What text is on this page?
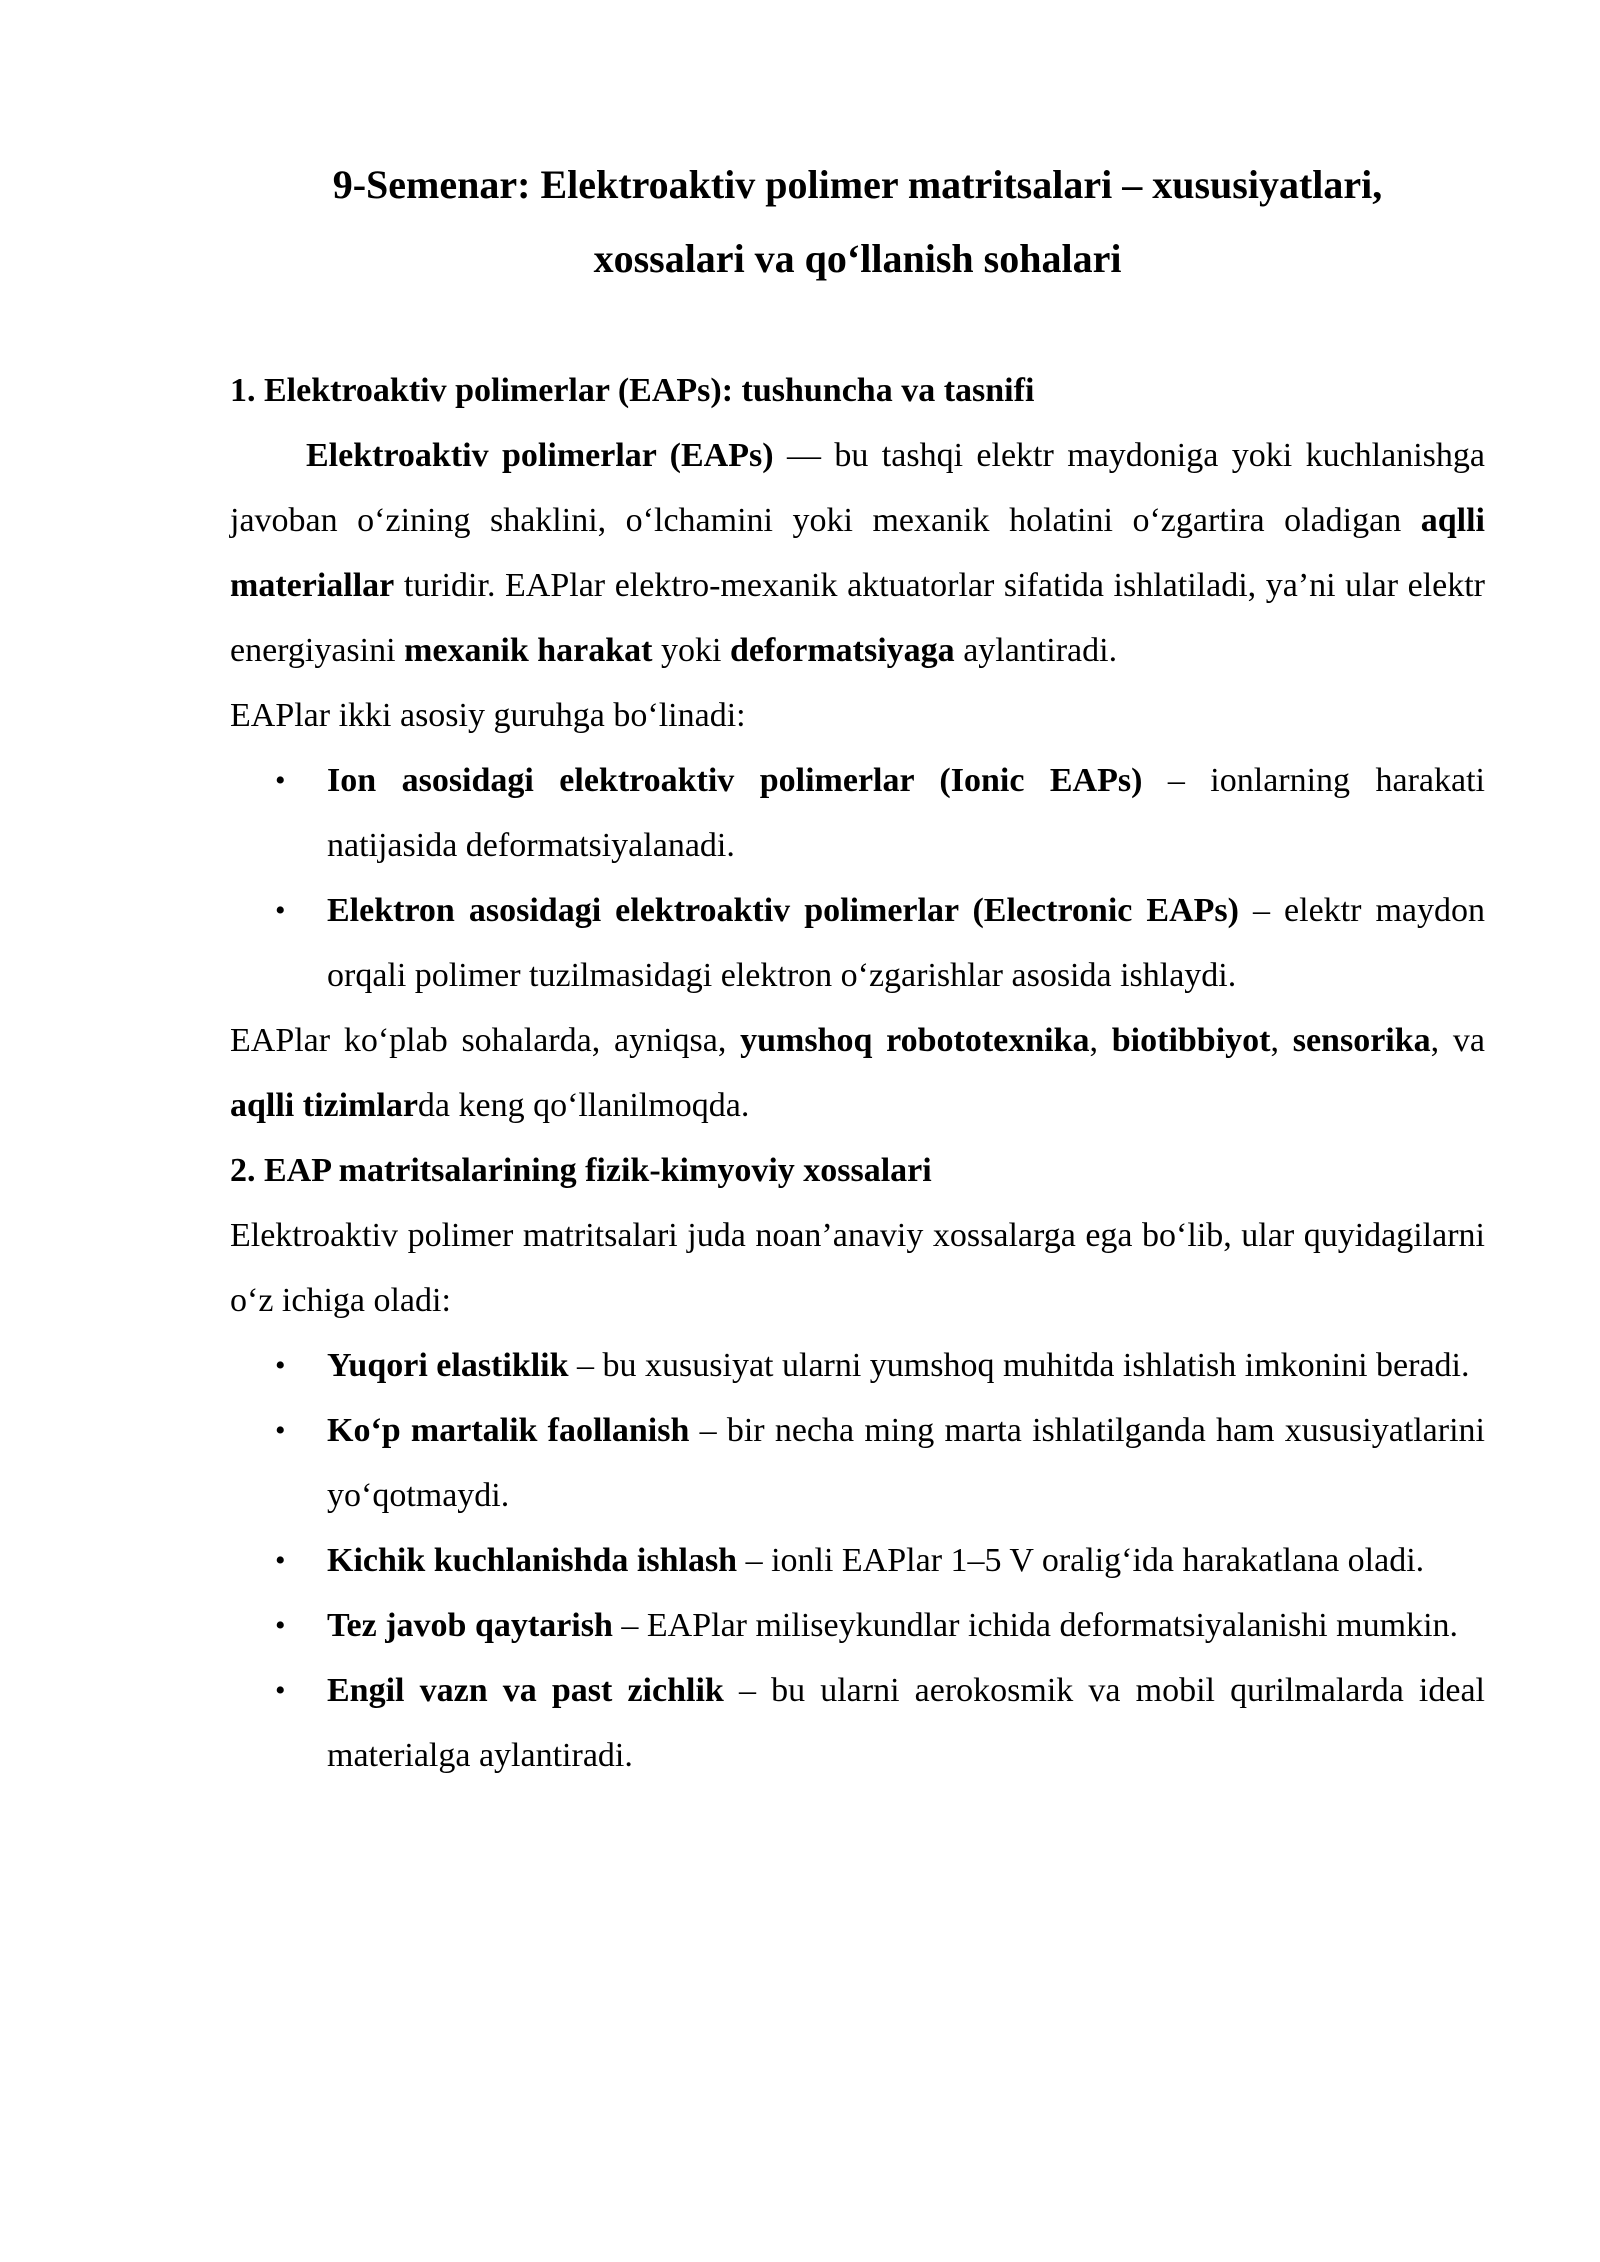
9-Semenar: Elektroaktiv polimer matritsalari – xususiyatlari, xossalari va qo‘llanish sohalari
1. Elektroaktiv polimerlar (EAPs): tushuncha va tasnifi

Elektroaktiv polimerlar (EAPs) — bu tashqi elektr maydoniga yoki kuchlanishga javoban o‘zining shaklini, o‘lchamini yoki mexanik holatini o‘zgartira oladigan aqlli materiallar turidir. EAPlar elektro-mexanik aktuatorlar sifatida ishlatiladi, ya’ni ular elektr energiyasini mexanik harakat yoki deformatsiyaga aylantiradi.

EAPlar ikki asosiy guruhga bo‘linadi:

• Ion asosidagi elektroaktiv polimerlar (Ionic EAPs) – ionlarning harakati natijasida deformatsiyalanadi.
• Elektron asosidagi elektroaktiv polimerlar (Electronic EAPs) – elektr maydon orqali polimer tuzilmasidagi elektron o‘zgarishlar asosida ishlaydi.

EAPlar ko‘plab sohalarda, ayniqsa, yumshoq robototexnika, biotibbiyot, sensorika, va aqlli tizimlarda keng qo‘llanilmoqda.

2. EAP matritsalarining fizik-kimyoviy xossalari

Elektroaktiv polimer matritsalari juda noan’anaviy xossalarga ega bo‘lib, ular quyidagilarni o‘z ichiga oladi:

• Yuqori elastiklik – bu xususiyat ularni yumshoq muhitda ishlatish imkonini beradi.
• Ko‘p martalik faollanish – bir necha ming marta ishlatilganda ham xususiyatlarini yo‘qotmaydi.
• Kichik kuchlanishda ishlash – ionli EAPlar 1–5 V oralig‘ida harakatlana oladi.
• Tez javob qaytarish – EAPlar miliseykundlar ichida deformatsiyalanishi mumkin.
• Engil vazn va past zichlik – bu ularni aerokosmik va mobil qurilmalarda ideal materialga aylantiradi.
